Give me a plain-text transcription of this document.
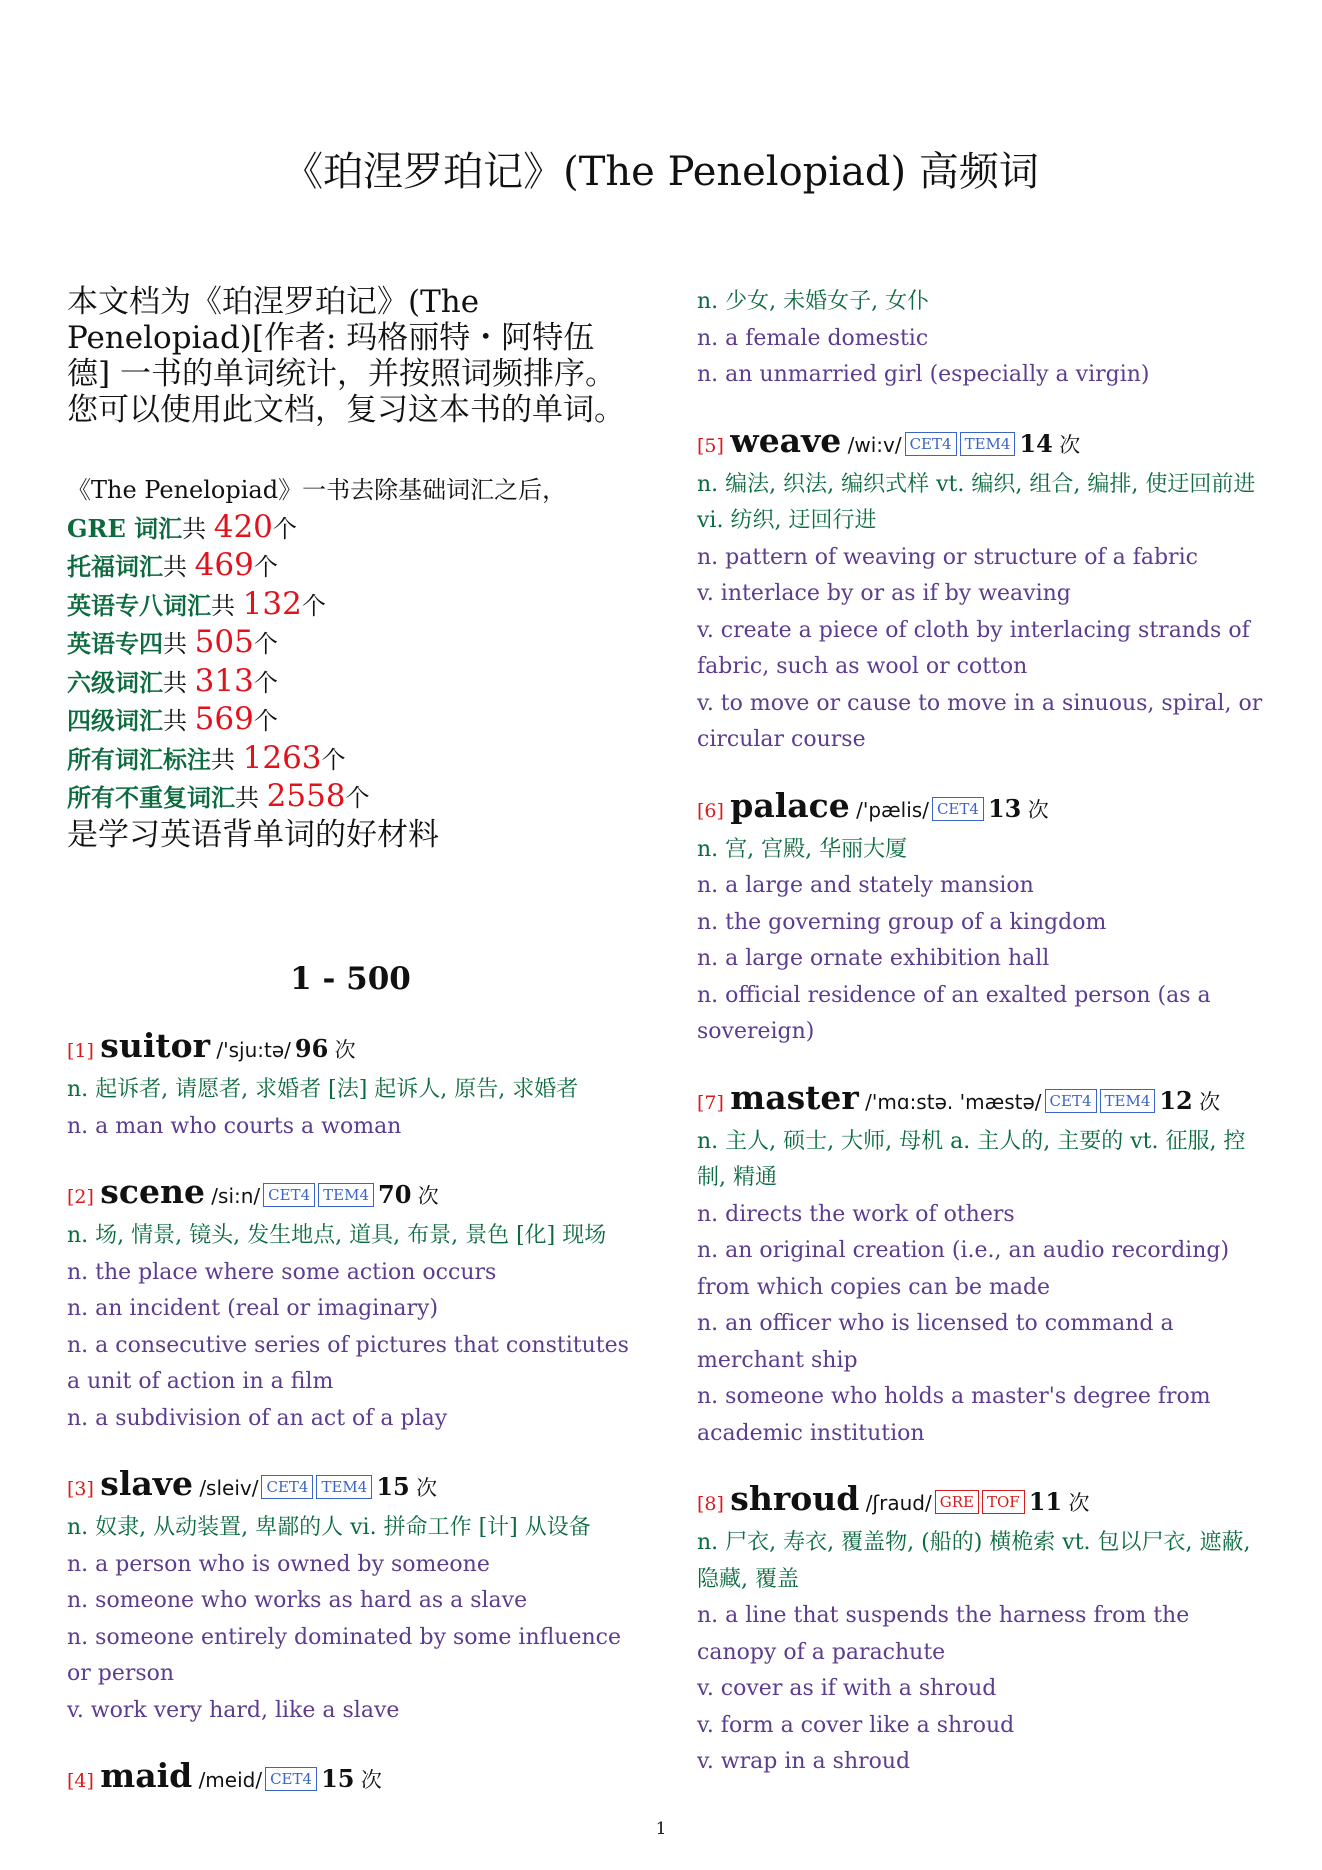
《珀涅罗珀记》(The Penelopiad) 高频词

本文档为《珀涅罗珀记》(The Penelopiad)[作者: 玛格丽特・阿特伍德] 一书的单词统计，并按照词频排序。您可以使用此文档，复习这本书的单词。

《The Penelopiad》一书去除基础词汇之后，
GRE 词汇共 420个
托福词汇共 469个
英语专八词汇共 132个
英语专四共 505个
六级词汇共 313个
四级词汇共 569个
所有词汇标注共 1263个
所有不重复词汇共 2558个
是学习英语背单词的好材料
1 - 500
[1] suitor /'sju:tə/ 96 次
n. 起诉者, 请愿者, 求婚者 [法] 起诉人, 原告, 求婚者
n. a man who courts a woman
[2] scene /si:n/ CET4 TEM4 70 次
n. 场, 情景, 镜头, 发生地点, 道具, 布景, 景色 [化] 现场
n. the place where some action occurs
n. an incident (real or imaginary)
n. a consecutive series of pictures that constitutes a unit of action in a film
n. a subdivision of an act of a play
[3] slave /sleiv/ CET4 TEM4 15 次
n. 奴隶, 从动装置, 卑鄙的人 vi. 拼命工作 [计] 从设备
n. a person who is owned by someone
n. someone who works as hard as a slave
n. someone entirely dominated by some influence or person
v. work very hard, like a slave
[4] maid /meid/ CET4 15 次
n. 少女, 未婚女子, 女仆
n. a female domestic
n. an unmarried girl (especially a virgin)
[5] weave /wi:v/ CET4 TEM4 14 次
n. 编法, 织法, 编织式样 vt. 编织, 组合, 编排, 使迂回前进 vi. 纺织, 迂回行进
n. pattern of weaving or structure of a fabric
v. interlace by or as if by weaving
v. create a piece of cloth by interlacing strands of fabric, such as wool or cotton
v. to move or cause to move in a sinuous, spiral, or circular course
[6] palace /'pælis/ CET4 13 次
n. 宫, 宫殿, 华丽大厦
n. a large and stately mansion
n. the governing group of a kingdom
n. a large ornate exhibition hall
n. official residence of an exalted person (as a sovereign)
[7] master /'mɑ:stə. 'mæstə/ CET4 TEM4 12 次
n. 主人, 硕士, 大师, 母机 a. 主人的, 主要的 vt. 征服, 控制, 精通
n. directs the work of others
n. an original creation (i.e., an audio recording) from which copies can be made
n. an officer who is licensed to command a merchant ship
n. someone who holds a master's degree from academic institution
[8] shroud /ʃraud/ GRE TOF 11 次
n. 尸衣, 寿衣, 覆盖物, (船的) 横桅索 vt. 包以尸衣, 遮蔽, 隐藏, 覆盖
n. a line that suspends the harness from the canopy of a parachute
v. cover as if with a shroud
v. form a cover like a shroud
v. wrap in a shroud
1
